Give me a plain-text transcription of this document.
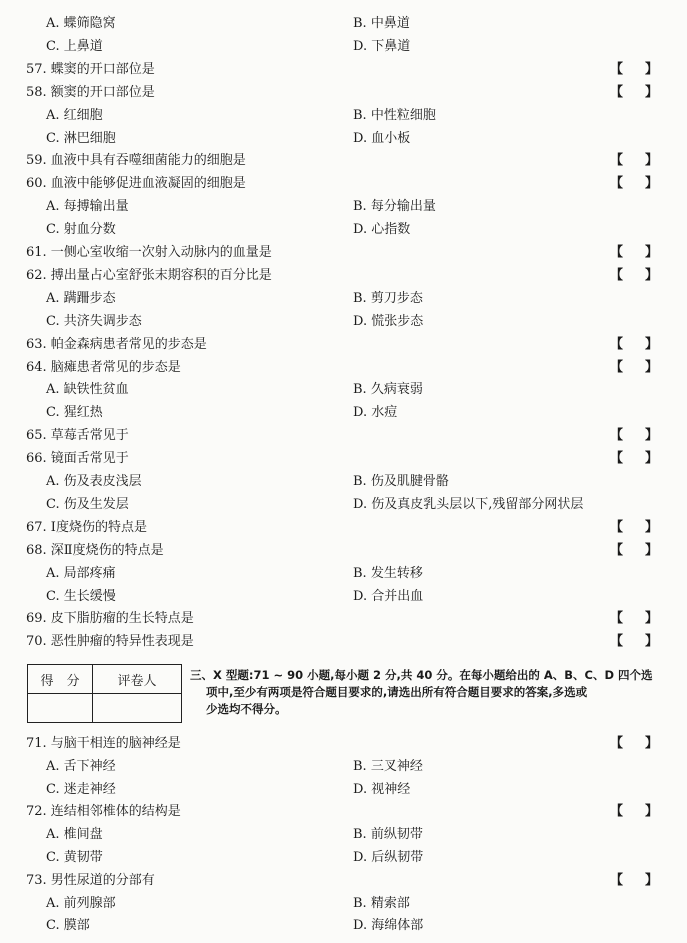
A. 蝶筛隐窝	B. 中鼻道
C. 上鼻道	D. 下鼻道
57. 蝶窦的开口部位是	【 】
58. 额窦的开口部位是	【 】
A. 红细胞	B. 中性粒细胞
C. 淋巴细胞	D. 血小板
59. 血液中具有吞噬细菌能力的细胞是	【 】
60. 血液中能够促进血液凝固的细胞是	【 】
A. 每搏输出量	B. 每分输出量
C. 射血分数	D. 心指数
61. 一侧心室收缩一次射入动脉内的血量是	【 】
62. 搏出量占心室舒张末期容积的百分比是	【 】
A. 蹒跚步态	B. 剪刀步态
C. 共济失调步态	D. 慌张步态
63. 帕金森病患者常见的步态是	【 】
64. 脑瘫患者常见的步态是	【 】
A. 缺铁性贫血	B. 久病衰弱
C. 猩红热	D. 水痘
65. 草莓舌常见于	【 】
66. 镜面舌常见于	【 】
A. 伤及表皮浅层	B. 伤及肌腱骨骼
C. 伤及生发层	D. 伤及真皮乳头层以下,残留部分网状层
67. Ⅰ度烧伤的特点是	【 】
68. 深Ⅱ度烧伤的特点是	【 】
A. 局部疼痛	B. 发生转移
C. 生长缓慢	D. 合并出血
69. 皮下脂肪瘤的生长特点是	【 】
70. 恶性肿瘤的特异性表现是	【 】
得　分	评卷人
		三、X 型题:71 ~ 90 小题,每小题 2 分,共 40 分。在每小题给出的 A、B、C、D 四个选
项中,至少有两项是符合题目要求的,请选出所有符合题目要求的答案,多选或
少选均不得分。
71. 与脑干相连的脑神经是	【 】
A. 舌下神经	B. 三叉神经
C. 迷走神经	D. 视神经
72. 连结相邻椎体的结构是	【 】
A. 椎间盘	B. 前纵韧带
C. 黄韧带	D. 后纵韧带
73. 男性尿道的分部有	【 】
A. 前列腺部	B. 精索部
C. 膜部	D. 海绵体部
